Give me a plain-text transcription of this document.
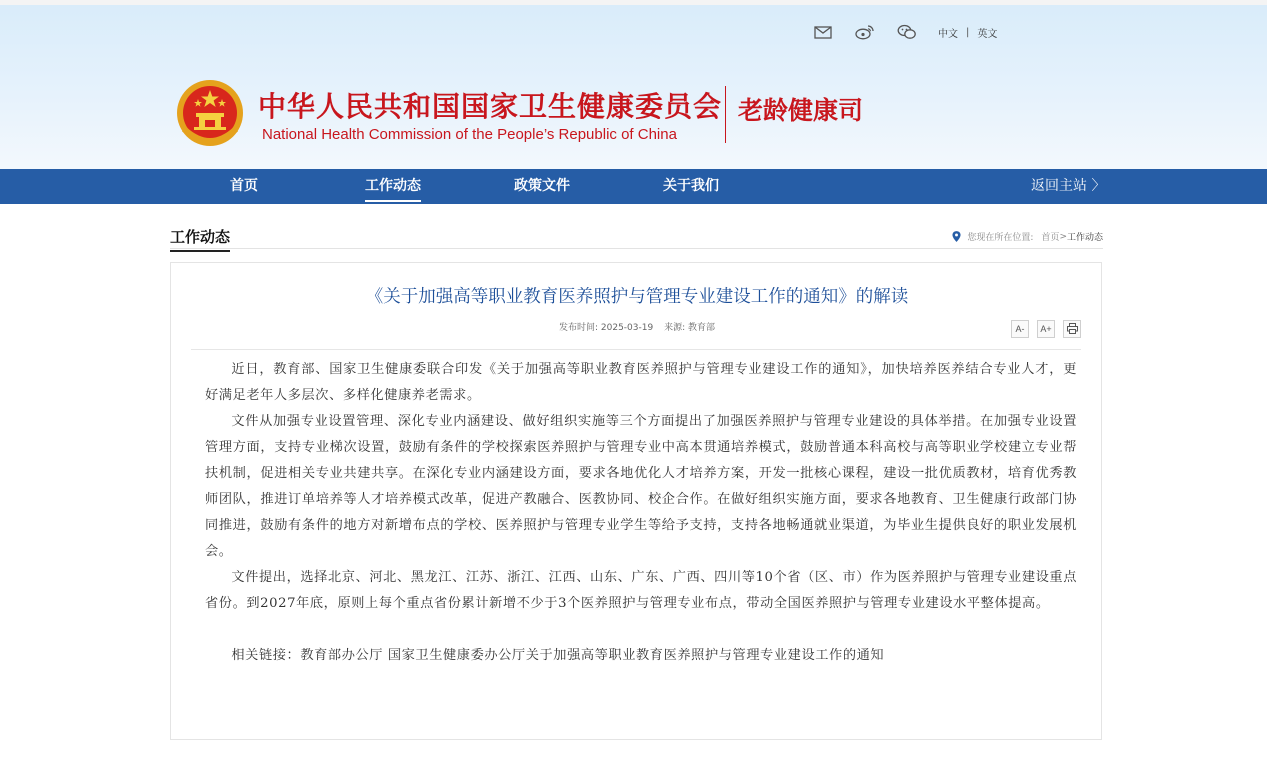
中文 | 英文
中华人民共和国国家卫生健康委员会
National Health Commission of the People’s Republic of China
老龄健康司
首页	工作动态	政策文件	关于我们	返回主站 〉
工作动态	您现在所在位置: 首页 > 工作动态
《关于加强高等职业教育医养照护与管理专业建设工作的通知》的解读
发布时间: 2025-03-19 来源: 教育部	A-	A+

近日，教育部、国家卫生健康委联合印发《关于加强高等职业教育医养照护与管理专业建设工作的通知》，加快培养医养结合专业人才，更好满足老年人多层次、多样化健康养老需求。

文件从加强专业设置管理、深化专业内涵建设、做好组织实施等三个方面提出了加强医养照护与管理专业建设的具体举措。在加强专业设置管理方面，支持专业梯次设置，鼓励有条件的学校探索医养照护与管理专业中高本贯通培养模式，鼓励普通本科高校与高等职业学校建立专业帮扶机制，促进相关专业共建共享。在深化专业内涵建设方面，要求各地优化人才培养方案，开发一批核心课程，建设一批优质教材，培育优秀教师团队，推进订单培养等人才培养模式改革，促进产教融合、医教协同、校企合作。在做好组织实施方面，要求各地教育、卫生健康行政部门协同推进，鼓励有条件的地方对新增布点的学校、医养照护与管理专业学生等给予支持，支持各地畅通就业渠道，为毕业生提供良好的职业发展机会。

文件提出，选择北京、河北、黑龙江、江苏、浙江、江西、山东、广东、广西、四川等10个省（区、市）作为医养照护与管理专业建设重点省份。到2027年底，原则上每个重点省份累计新增不少于3个医养照护与管理专业布点，带动全国医养照护与管理专业建设水平整体提高。

相关链接：教育部办公厅 国家卫生健康委办公厅关于加强高等职业教育医养照护与管理专业建设工作的通知
